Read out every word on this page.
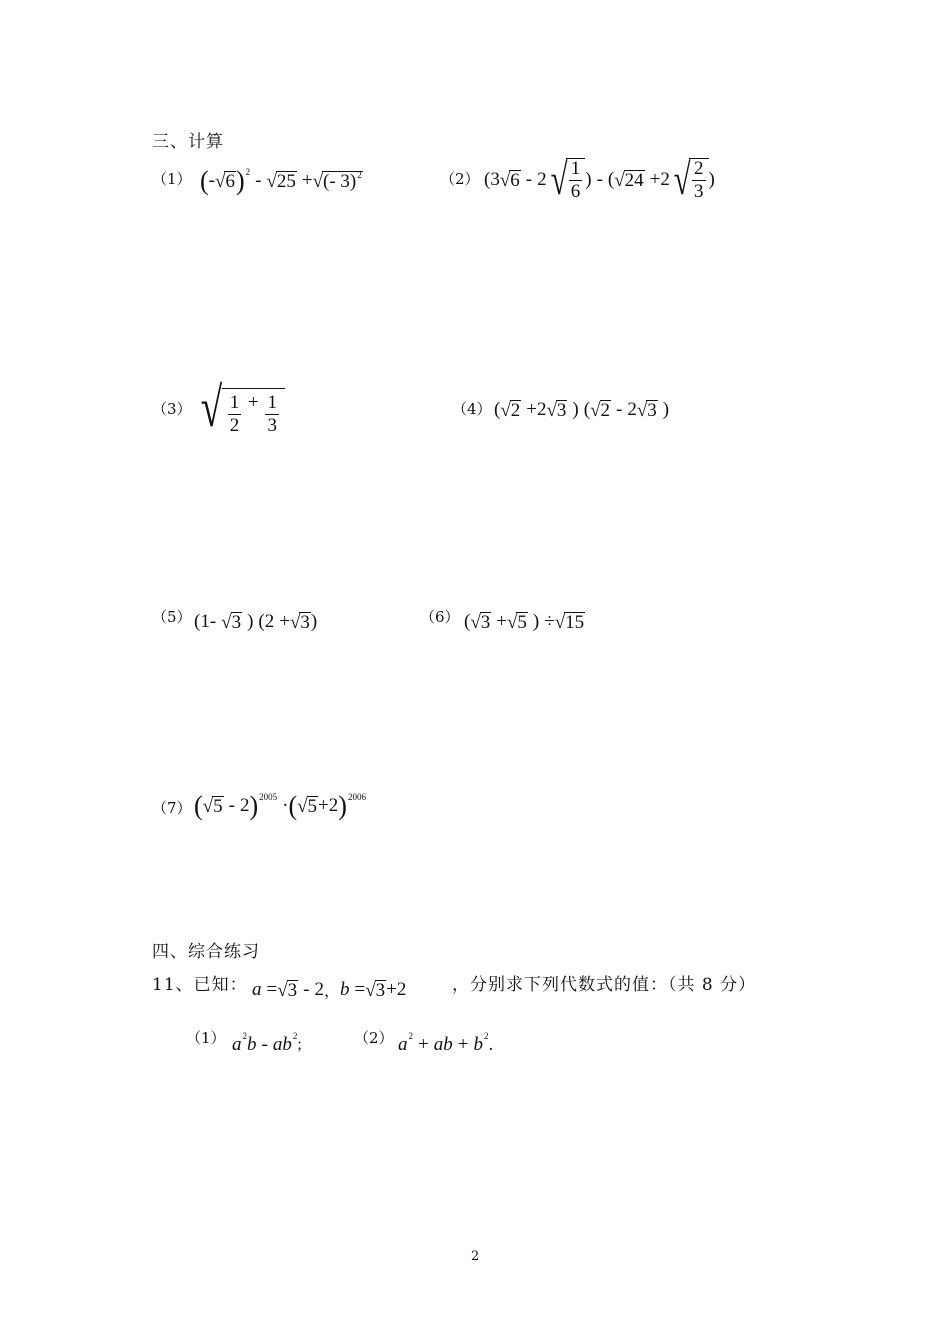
三、计算
（1） ( - √ 6 ) 2 - √ 25 + √ (- 3)$^2$	（2） (3 √ 6 - 2 √ $\frac{1}{6}$ ) - ( √ 24 + 2 √ $\frac{2}{3}$ )
（3） √ $\frac{1}{2} + \frac{1}{3}$	（4） ( √ 2 + 2 √ 3 ) ( √ 2 - 2 √ 3 )
（5） (1 - √ 3 ) (2 + √ 3 )	（6） ( √ 3 + √ 5 ) ÷ √ 15
（7） ( √ 5 - 2 ) 2005 · ( √ 5 + 2 ) 2006
四、综合练习
11、已知： a = √ 3 - 2 ， b = √ 3 + 2	，分别求下列代数式的值：（共 8 分）
（1） a 2 b - ab 2 ;	（2） a 2 + ab + b 2 .
2
